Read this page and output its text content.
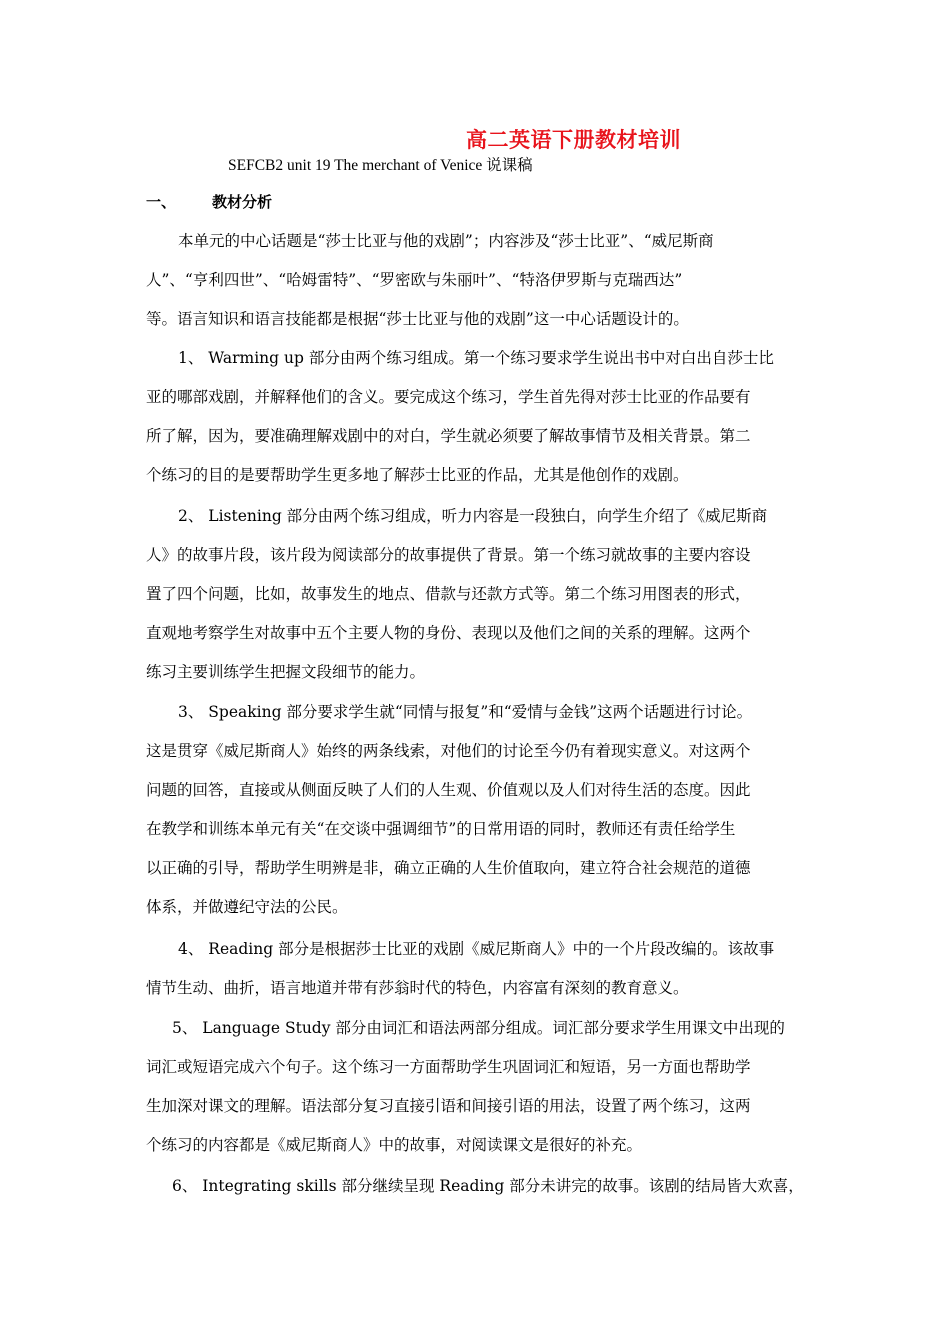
高二英语下册教材培训
SEFCB2 unit 19 The merchant of Venice 说课稿
一、 教材分析
本单元的中心话题是“莎士比亚与他的戏剧”；内容涉及“莎士比亚”、“威尼斯商
人”、“亨利四世”、“哈姆雷特”、“罗密欧与朱丽叶”、“特洛伊罗斯与克瑞西达”
等。语言知识和语言技能都是根据“莎士比亚与他的戏剧”这一中心话题设计的。
1、 Warming up 部分由两个练习组成。第一个练习要求学生说出书中对白出自莎士比
亚的哪部戏剧，并解释他们的含义。要完成这个练习，学生首先得对莎士比亚的作品要有
所了解，因为，要准确理解戏剧中的对白，学生就必须要了解故事情节及相关背景。第二
个练习的目的是要帮助学生更多地了解莎士比亚的作品，尤其是他创作的戏剧。
2、 Listening 部分由两个练习组成，听力内容是一段独白，向学生介绍了《威尼斯商
人》的故事片段，该片段为阅读部分的故事提供了背景。第一个练习就故事的主要内容设
置了四个问题，比如，故事发生的地点、借款与还款方式等。第二个练习用图表的形式，
直观地考察学生对故事中五个主要人物的身份、表现以及他们之间的关系的理解。这两个
练习主要训练学生把握文段细节的能力。
3、 Speaking 部分要求学生就“同情与报复”和“爱情与金钱”这两个话题进行讨论。
这是贯穿《威尼斯商人》始终的两条线索，对他们的讨论至今仍有着现实意义。对这两个
问题的回答，直接或从侧面反映了人们的人生观、价值观以及人们对待生活的态度。因此
在教学和训练本单元有关“在交谈中强调细节”的日常用语的同时，教师还有责任给学生
以正确的引导，帮助学生明辨是非，确立正确的人生价值取向，建立符合社会规范的道德
体系，并做遵纪守法的公民。
4、 Reading 部分是根据莎士比亚的戏剧《威尼斯商人》中的一个片段改编的。该故事
情节生动、曲折，语言地道并带有莎翁时代的特色，内容富有深刻的教育意义。
5、 Language Study 部分由词汇和语法两部分组成。词汇部分要求学生用课文中出现的
词汇或短语完成六个句子。这个练习一方面帮助学生巩固词汇和短语，另一方面也帮助学
生加深对课文的理解。语法部分复习直接引语和间接引语的用法，设置了两个练习，这两
个练习的内容都是《威尼斯商人》中的故事，对阅读课文是很好的补充。
6、 Integrating skills 部分继续呈现 Reading 部分未讲完的故事。该剧的结局皆大欢喜，
